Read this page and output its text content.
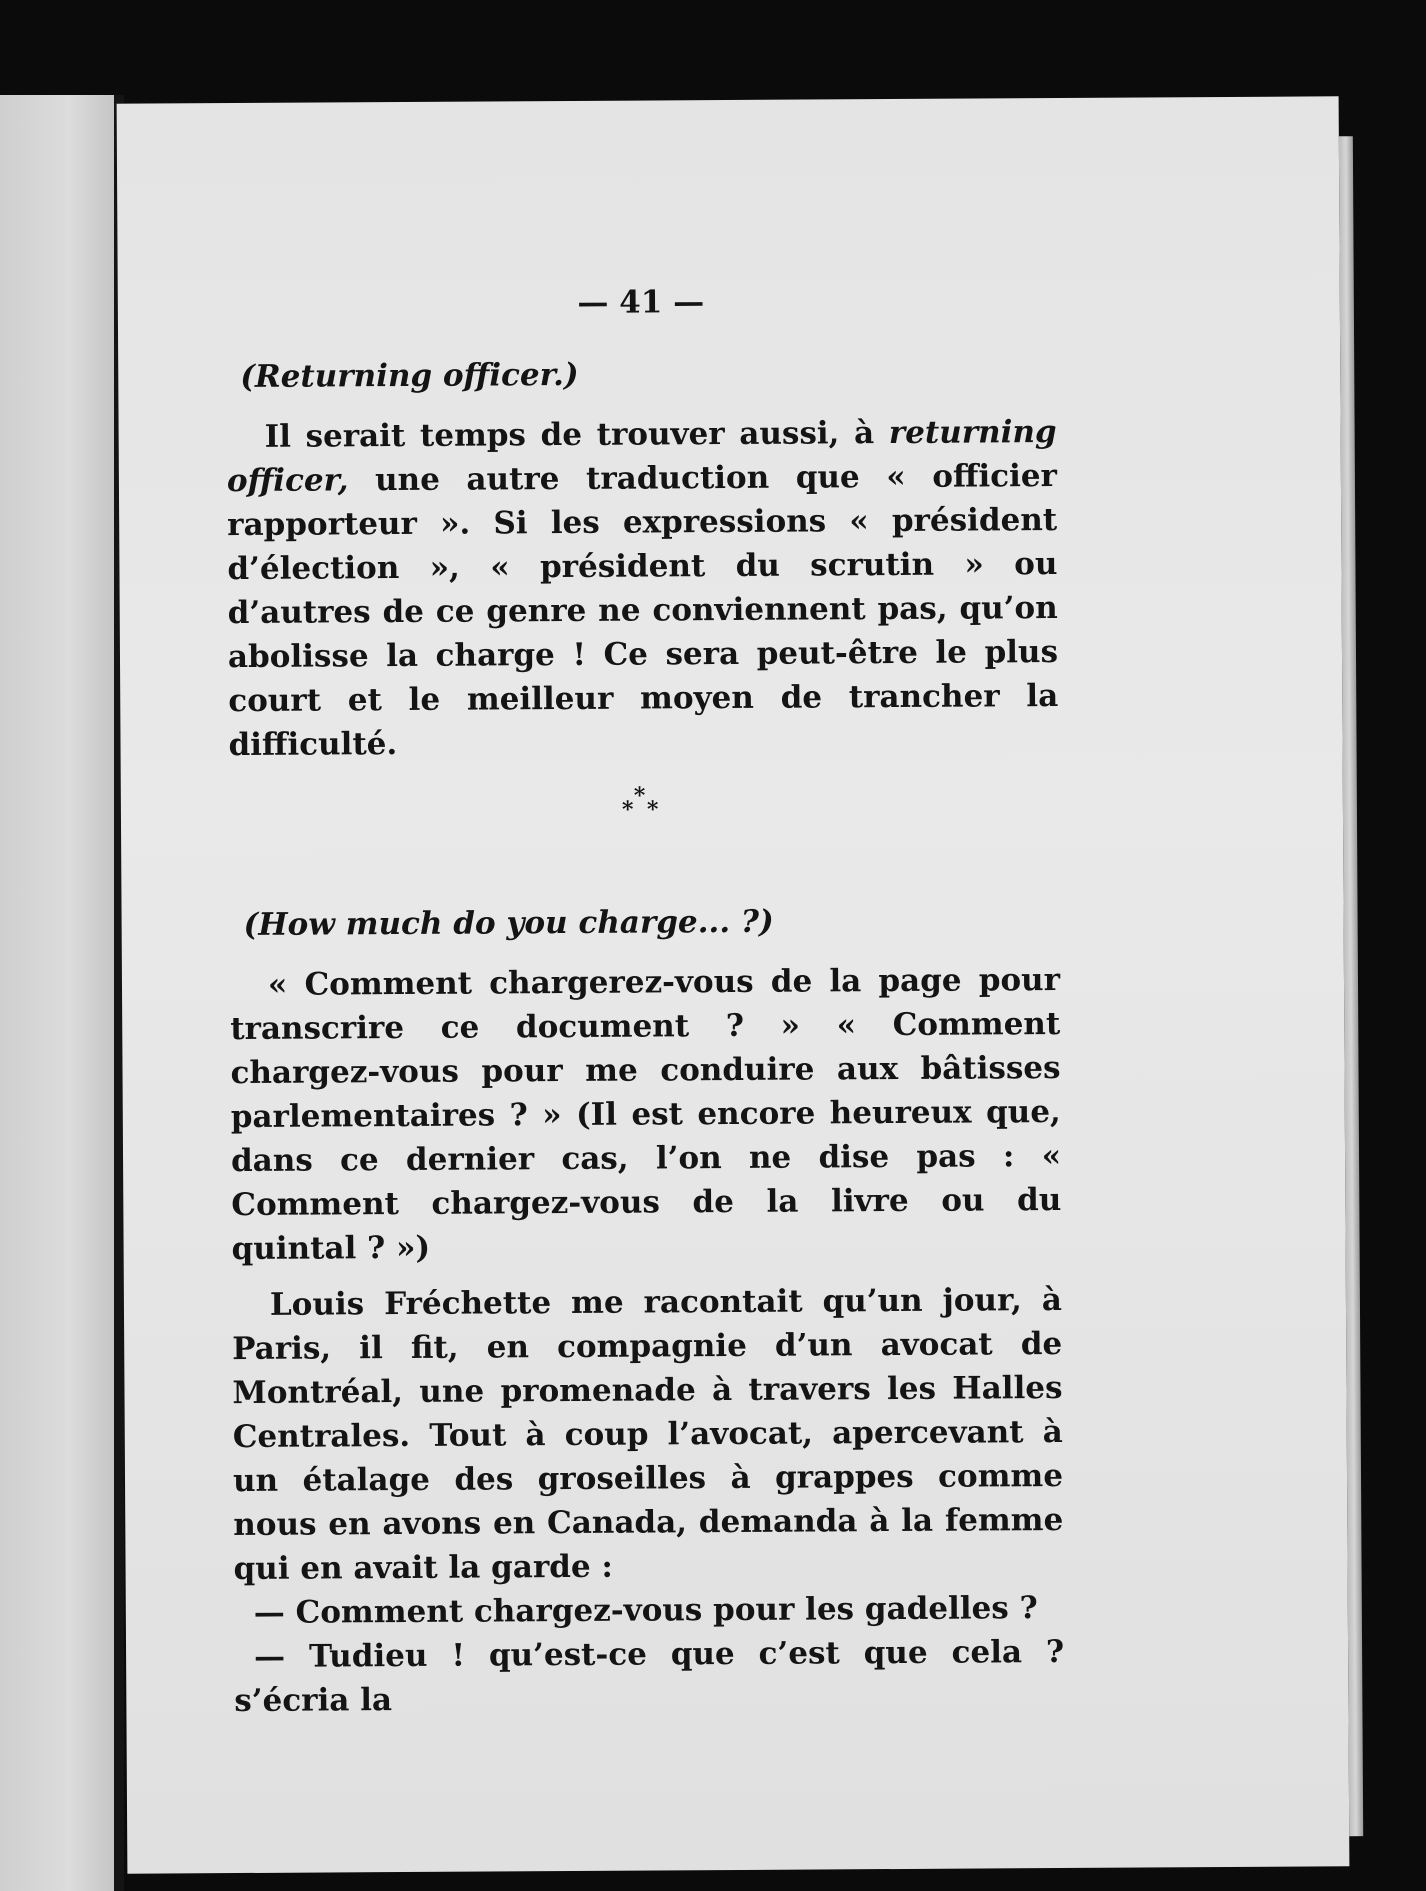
— 41 —
(Returning officer.)

Il serait temps de trouver aussi, à returning officer, une autre traduction que « officier rapporteur ». Si les expressions « président d’élection », « président du scrutin » ou d’autres de ce genre ne conviennent pas, qu’on abolisse la charge ! Ce sera peut-être le plus court et le meilleur moyen de trancher la difficulté.

*
* *
(How much do you charge... ?)

« Comment chargerez-vous de la page pour transcrire ce document ? » « Comment chargez-vous pour me conduire aux bâtisses parlementaires ? » (Il est encore heureux que, dans ce dernier cas, l’on ne dise pas : « Comment chargez-vous de la livre ou du quintal ? »)

Louis Fréchette me racontait qu’un jour, à Paris, il fit, en compagnie d’un avocat de Montréal, une promenade à travers les Halles Centrales. Tout à coup l’avocat, apercevant à un étalage des groseilles à grappes comme nous en avons en Canada, demanda à la femme qui en avait la garde :

— Comment chargez-vous pour les gadelles ?

— Tudieu ! qu’est-ce que c’est que cela ? s’écria la
